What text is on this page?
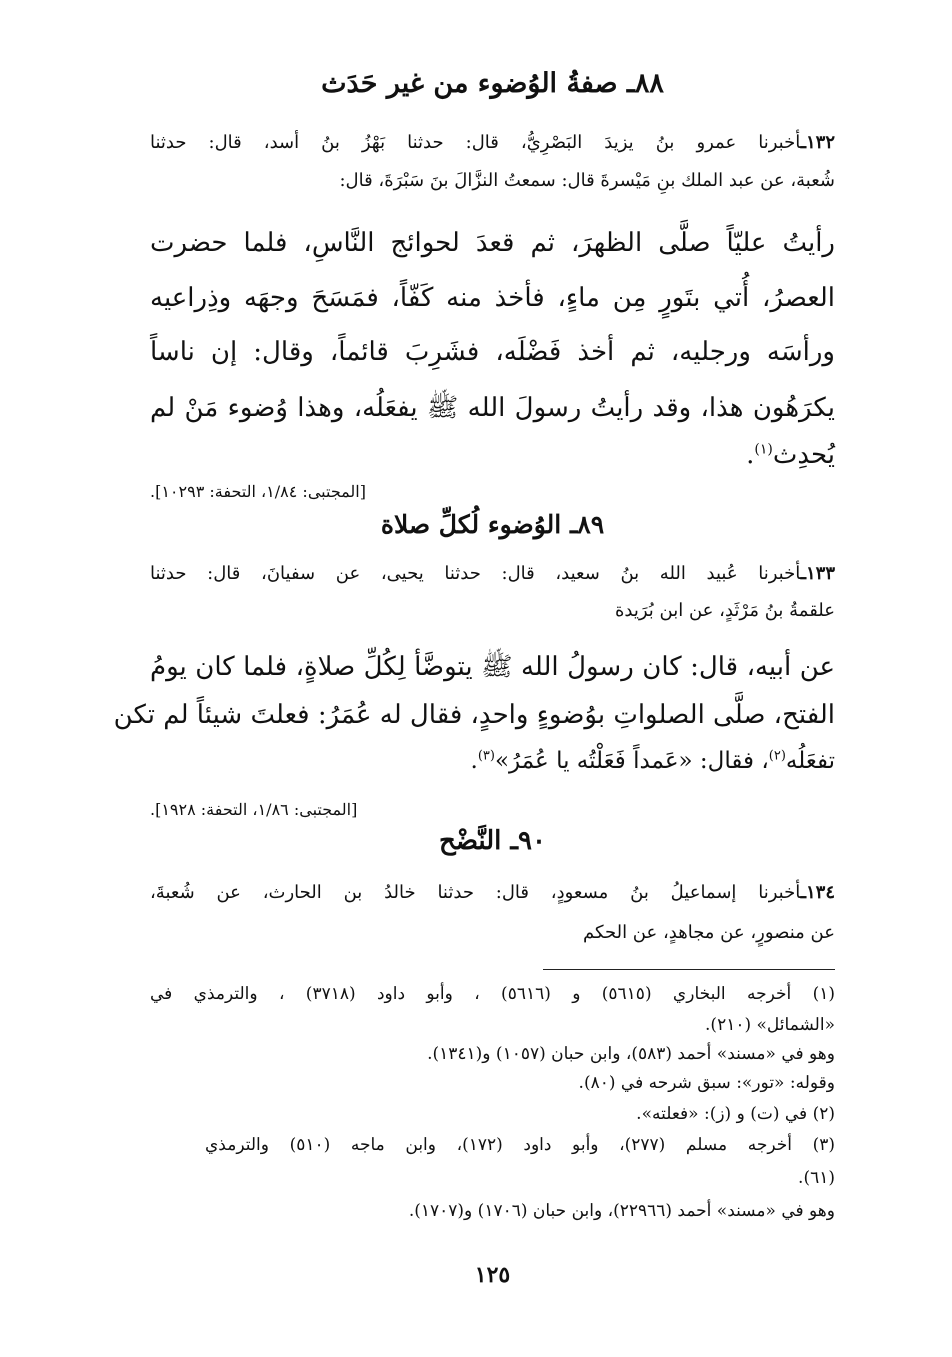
٨٨ـ صفةُ الوُضوء من غير حَدَث

١٣٢ـأخبرنا عمرو بنُ يزيدَ البَصْرِيُّ، قال: حدثنا بَهْزُ بنُ أسد، قال: حدثنا

شُعبة، عن عبد الملك بنِ مَيْسرةَ قال: سمعتُ النزَّالَ بنَ سَبْرَةَ، قال:

رأيتُ عليّاً صلَّى الظهرَ، ثم قعدَ لحوائج النَّاسِ، فلما حضرت

العصرُ، أُتي بتَورٍ مِن ماءٍ، فأخذ منه كَفّاً، فمَسَحَ وجهَه وذِراعيه

ورأسَه ورجليه، ثم أخذ فَضْلَه، فشَرِبَ قائماً، وقال: إن ناساً

يكرَهُون هذا، وقد رأيتُ رسولَ الله ﷺ يفعَلُه، وهذا وُضوء مَنْ لم

يُحدِث$^{(١)}$.

[المجتبى: ١/٨٤، التحفة: ١٠٢٩٣].

٨٩ـ الوُضوء لُكلِّ صلاة

١٣٣ـأخبرنا عُبيد الله بنُ سعيد، قال: حدثنا يحيى، عن سفيانَ، قال: حدثنا

علقمةُ بنُ مَرْثَدٍ، عن ابن بُرَيدة

عن أبيه، قال: كان رسولُ الله ﷺ يتوضَّأ لِكُلِّ صلاةٍ، فلما كان يومُ

الفتح، صلَّى الصلواتِ بوُضوءٍ واحدٍ، فقال له عُمَرُ: فعلتَ شيئاً لم تكن

تفعَلُه$^{(٢)}$، فقال: «عَمداً فَعَلْتُه يا عُمَرُ»$^{(٣)}$.

[المجتبى: ١/٨٦، التحفة: ١٩٢٨].

٩٠ـ النَّضْح

١٣٤ـأخبرنا إسماعيلُ بنُ مسعودٍ، قال: حدثنا خالدُ بن الحارث، عن شُعبةَ،

عن منصورٍ، عن مجاهدٍ، عن الحكم

(١) أخرجه البخاري (٥٦١٥) و (٥٦١٦) ، وأبو داود (٣٧١٨) ، والترمذي في

«الشمائل» (٢١٠).

وهو في «مسند» أحمد (٥٨٣)، وابن حبان (١٠٥٧) و(١٣٤١).

وقوله: «تور»: سبق شرحه في (٨٠).

(٢) في (ت) و (ز): «فعلته».

(٣) أخرجه مسلم (٢٧٧)، وأبو داود (١٧٢)، وابن ماجه (٥١٠) والترمذي

(٦١).

وهو في «مسند» أحمد (٢٢٩٦٦)، وابن حبان (١٧٠٦) و(١٧٠٧).

١٢٥
